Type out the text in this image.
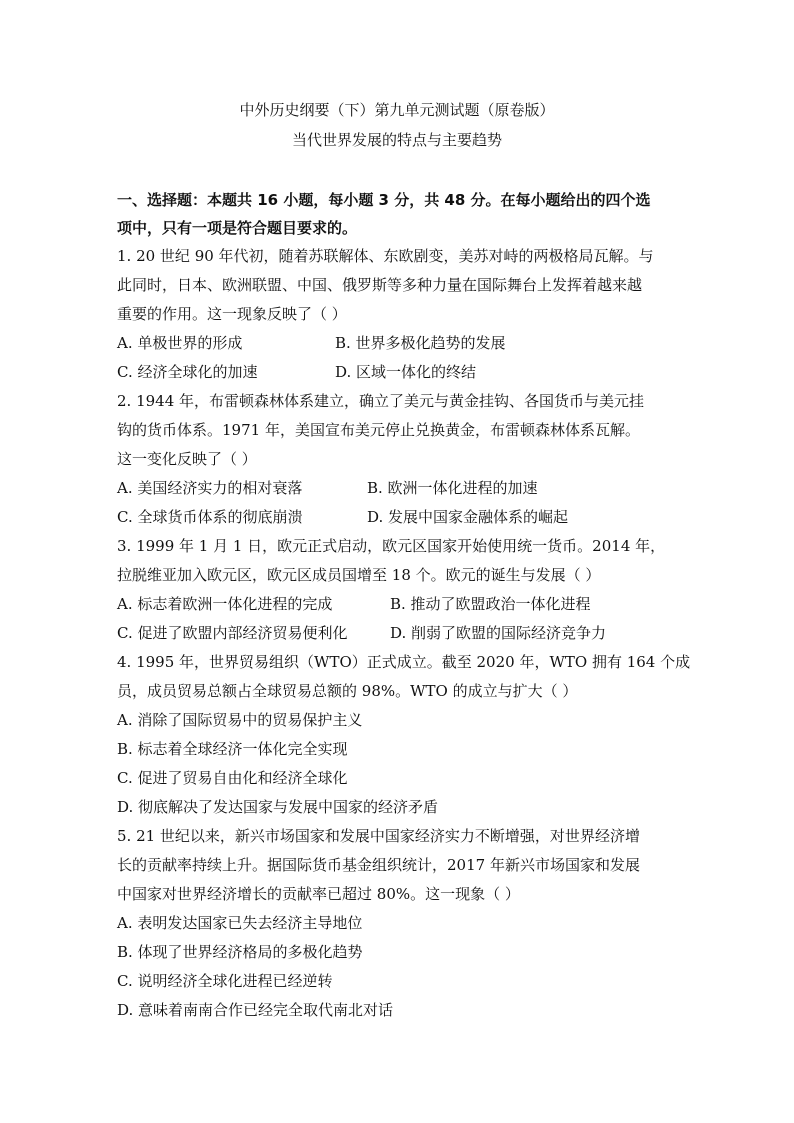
中外历史纲要（下）第九单元测试题（原卷版）
当代世界发展的特点与主要趋势

一、选择题：本题共 16 小题，每小题 3 分，共 48 分。在每小题给出的四个选

项中，只有一项是符合题目要求的。

1. 20 世纪 90 年代初，随着苏联解体、东欧剧变，美苏对峙的两极格局瓦解。与

此同时，日本、欧洲联盟、中国、俄罗斯等多种力量在国际舞台上发挥着越来越

重要的作用。这一现象反映了（ ）

A. 单极世界的形成	B. 世界多极化趋势的发展
C. 经济全球化的加速	D. 区域一体化的终结

2. 1944 年，布雷顿森林体系建立，确立了美元与黄金挂钩、各国货币与美元挂

钩的货币体系。1971 年，美国宣布美元停止兑换黄金，布雷顿森林体系瓦解。

这一变化反映了（ ）

A. 美国经济实力的相对衰落	B. 欧洲一体化进程的加速
C. 全球货币体系的彻底崩溃	D. 发展中国家金融体系的崛起

3. 1999 年 1 月 1 日，欧元正式启动，欧元区国家开始使用统一货币。2014 年，

拉脱维亚加入欧元区，欧元区成员国增至 18 个。欧元的诞生与发展（ ）

A. 标志着欧洲一体化进程的完成	B. 推动了欧盟政治一体化进程
C. 促进了欧盟内部经济贸易便利化	D. 削弱了欧盟的国际经济竞争力

4. 1995 年，世界贸易组织（WTO）正式成立。截至 2020 年，WTO 拥有 164 个成

员，成员贸易总额占全球贸易总额的 98%。WTO 的成立与扩大（ ）

A. 消除了国际贸易中的贸易保护主义

B. 标志着全球经济一体化完全实现

C. 促进了贸易自由化和经济全球化

D. 彻底解决了发达国家与发展中国家的经济矛盾

5. 21 世纪以来，新兴市场国家和发展中国家经济实力不断增强，对世界经济增

长的贡献率持续上升。据国际货币基金组织统计，2017 年新兴市场国家和发展

中国家对世界经济增长的贡献率已超过 80%。这一现象（ ）

A. 表明发达国家已失去经济主导地位

B. 体现了世界经济格局的多极化趋势

C. 说明经济全球化进程已经逆转

D. 意味着南南合作已经完全取代南北对话
